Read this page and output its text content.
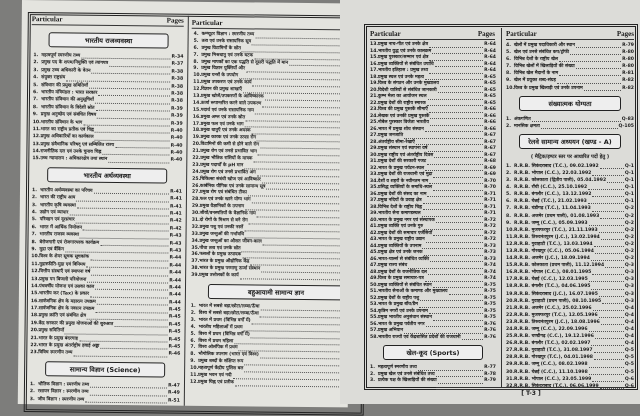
Particular	Pages Particular
भारतीय राजव्यवस्था
1. महत्वपूर्ण स्मरणीय तथ्य	R-34
2. प्रमुख पद के शपथ/नियुक्ति एवं त्यागपत्र	R-37
3. प्रमुख उच्च अधिकारी के वेतन	R-38
4. संयुक्त राष्ट्रसंघ	R-38
5. संविधान की प्रमुख समितियाँ	R-38
6. भारतीय मंत्रिमंडल : भारत सरकार	R-38
7. भारतीय संविधान की अनुसूचियाँ	R-38
8. भारतीय संविधान के विदेशी स्रोत	R-39
9. प्रमुख अनुच्छेद एवं संबंधित विषय	R-39
10. भारतीय संविधान के भाग	R-39
11. भारत का राष्ट्रीय प्रतीक एवं चिह्न	R-40
12. प्रमुख अधिकारियों का कार्यकाल	R-40
13. प्रमुख संवैधानिक परिषद् एवं सम्मिलित राज्य	R-40
14. राजनीतिक दल एवं उनके चुनाव चिह्न	R-40
15. उच्च न्यायालय : अधिकारक्षेत्र तथा स्थान	R-40
भारतीय अर्थव्यवस्था
1. भारतीय अर्थव्यवस्था का परिचय	R-41
2. भारत की राष्ट्रीय आय	R-41
3. भारतीय कृषि व्यवस्था	R-41
4. उद्योग एवं व्यापार	R-41
5. परिवहन एवं दूरसंचार	R-42
6. भारत में आर्थिक नियोजन	R-42
7. भारतीय राजस्व व्यवस्था	R-43
8. बेरोजगारी एवं रोजगारपरक कार्यक्रम	R-43
9. मुद्रा एवं बैंकिंग	R-43
10. विश्व के शेयर सूचक सूचकांक	R-44
11. मुद्रास्फीति-मुद्रा एवं विनिमय	R-44
12. वित्तीय संस्थाएँ एवं स्थापना वर्ष	R-44
13. प्रमुख पन बिजली परियोजना	R-44
14. पंचवर्षीय योजना एवं उसका काल	R-44
15. भारतीय कर (Tax) के प्रकार	R-44
16. सार्वजनिक क्षेत्र के महारत्न उपक्रम	R-44
17. सार्वजनिक क्षेत्र के नवरत्न उपक्रम	R-45
18. प्रमुख क्रांति एवं संबंधित क्षेत्र	R-45
19. केंद्र सरकार की प्रमुख योजनाओं की शुरुआत	R-45
20. प्रमुख समितियाँ	R-45
21. भारत के प्रमुख बंदरगाह	R-45
22. भारत के प्रमुख अंतर्राष्ट्रीय हवाई अड्डा	R-45
23. विविध स्मरणीय तथ्य	R-46
सामान्य विज्ञान (Science)
1. भौतिक विज्ञान : स्मरणीय तथ्य	R-47
2. रसायन विज्ञान : स्मरणीय तथ्य	R-49
3. जीव विज्ञान : स्मरणीय तथ्य	R-51
4. कम्प्यूटर विज्ञान : स्मरणीय तथ्य
5. तत्व एवं उनके रासायनिक सूत्र
6. प्रमुख विटामिनों के स्रोत
7. प्रमुख मिश्रधातु एवं उनके घटक
8. प्रमुख मापकों का एक पद्धति से दूसरी पद्धति में मान
9. प्रमुख विज्ञान युक्तियाँ और
10. प्रमुख यन्त्रों के उपयोग
11. प्रमुख उपकरण एवं उनके कार्य
12. विज्ञान की प्रमुख शाखाएँ
13. प्रमुख खोजें/उपकरणों के आविष्कारक
14. ऊर्जा रूपान्तरित करने वाले उपकरण
15. पदार्थ एवं उनके रासायनिक नाम
16. प्रमुख अम्ल एवं उनके स्रोत
17. प्रमुख फल एवं उनके भाग
18. प्रमुख धातुएँ एवं उनके अयस्क
19. प्रमुख कारक एवं उनके उत्पन्न रोग
20. विटामिनों की कमी से होने वाले रोग
21. प्रमुख रोग एवं उनसे प्रभावित भाग
22. प्रमुख भौतिक राशियों के मात्रक
23. प्रमुख पदार्थों के pH मान
24. प्रमुख रोग एवं उनसे प्रभावित अंग
25. चिकित्सा संबंधी खोज एवं आविष्कार
26. कार्बनिक यौगिक एवं उनके सामान्य सूत्र
27. प्रमुख रोग एवं संबंधित टीका
28. फल एवं उनके खाने योग्य भाग
29. प्रमुख वैज्ञानिकों के उपनाम
30. जीवों/वनस्पतियों के वैज्ञानिक नाम
31. दो रोगों के मिश्रण से बने रोग
32. प्रमुख पशु एवं उनकी नस्लें
33. प्रमुख जन्तुओं की गर्भावधि
34. प्रमुख जन्तुओं का औसत जीवन-काल
35. पौधा तत्व एवं उनके स्रोत
36. फसलों के प्रमुख उत्पादक
37. भारत के प्रमुख औद्योगिक केंद्र
38. भारत के प्रमुख परमाणु ऊर्जा संस्थान
39. प्रमुख उत्तोलकों के कार्य
बहुआयामी सामान्य ज्ञान
1. भारत में सबसे बड़ा/छोटा/लम्बा/ऊँचा
2. विश्व में सबसे बड़ा/छोटा/लम्बा/ऊँचा
3. भारत में प्रथम (विभिन्न वर्गों में)
4. भारतीय महिलाओं में प्रथम
5. विश्व में प्रथम (विभिन्न वर्गों में)
6. विश्व में प्रथम महिला
7. विश्व ओलंपिक में प्रथम
8. भौगोलिक उपनाम (भारत एवं विश्व)
9. प्रमुख शब्दों के संक्षिप्त रूप
10. महत्वपूर्ण केंद्रीय पुलिस बल
11. प्रमुख भवन एवं नदी
12. प्रमुख चिह्न एवं प्रतीक
Particular	Pages Particular	Pages
13. प्रमुख नाच-गीत एवं उनके क्षेत्र	R-64
14. भारतीय युद्ध एवं उनके कालक्रम	R-64
15. प्रमुख पुरस्कार/सम्मान एवं क्षेत्र	R-64
16. प्रमुख व्यक्तियों से संबंधित उपाधि	R-64
17. भारतीय इतिहास : प्रमुख तथ्य	R-64
18. प्रमुख स्थल एवं उनके महत्व	R-65
19. विश्व के संगठन और उनके मुख्यालय	R-65
20. विदेशी यात्रियों से संबंधित जानकारी	R-65
21. कुम्भ मेला का आयोजन स्थल	R-65
22. प्रमुख देशों की राष्ट्रीय स्मारक	R-65
23. विश्व की प्रमुख पुस्तकें सीमाएँ	R-66
24. लेखक एवं उनकी प्रमुख पुस्तकें	R-66
25. नोबेल पुरस्कार विजेता भारतीय	R-66
26. भारत में प्रमुख शोध संस्थान	R-66
27. प्रमुख जनजाति	R-67
28. अंतर्राष्ट्रीय सीमा-रेखाएँ	R-67
29. प्रमुख संस्थान एवं स्थापना वर्ष	R-67
30. प्रमुख राष्ट्रीय एवं अंतर्राष्ट्रीय दिवस	R-67
31. प्रमुख देशों की सरकारी गजट	R-68
32. भारत के प्रमुख पर्यटन-स्थल	R-69
33. प्रमुख देशों की राजधानी एवं मुद्रा	R-69
34. देशों व शहरों के नवीनतम नाम	R-70
35. प्रसिद्ध व्यक्तियों के समाधि-स्थल	R-70
36. प्रमुख देशों की संसद का नाम	R-71
37. प्रमुख नदियों के प्रवाह क्षेत्र	R-71
38. विभिन्न देशों के राष्ट्रीय चिह्न	R-71
39. भारतीय सेना कमाण्डस्थल	R-71
40. भारत के प्रमुख नगर एवं संस्थापक	R-72
41. प्रमुख व्यक्ति एवं उनके गुरु	R-72
42. प्रमुख देशों की समाचार एजेंसियाँ	R-72
43. भारत के प्रमुख राष्ट्रीय उद्यान	R-72
44. प्रमुख व्यक्तियों के उपनाम	R-73
45. प्रमुख क्षेत्र एवं उनके जनक	R-73
46. भारत-चार्ल्स से संबंधित व्यक्ति	R-73
47. प्रमुख राज्य संबंध	R-74
48. प्रमुख देशों के राजनीतिक दल	R-74
49. विश्व के प्रमुख समाचार-पत्र	R-74
50. प्रमुख व्यक्तियों से संबंधित स्थान	R-75
51. भारतीय सेनाओं के कमाण्ड और मुख्यालय	R-75
52. प्रमुख देशों के राष्ट्रीय पशु	R-75
53. भारत के प्रमुख बाँध/डैम	R-75
54. कृत्रिम नगरों एवं उनके उपनाम	R-75
55. प्रमुख भारतीय अनुसंधान संस्थान	R-75
56. भारत के प्रमुख पर्वतीय नगर	R-76
57. प्रमुख अभियान	R-76
58. भारतीय राज्यों एवं केंद्रशासित प्रदेशों की राजधानी	R-76
खेल-कूद (Sports)
1. महत्वपूर्ण स्मरणीय तथ्य	R-77
2. प्रमुख खेल एवं उनसे संबंधित तथ्य	R-78
3. प्रत्येक पक्ष के खिलाड़ियों की संख्या	R-79
4. खेलों में प्रमुख पदाधिकारी और स्थान	R-79
5. खेल एवं उनसे संबंधित कप/ट्रॉफी	R-80
6. विभिन्न देशों के राष्ट्रीय खेल	R-80
7. विभिन्न खेलों में खिलाड़ियों की संख्या	R-80
8. विभिन्न खेल मैदानों के नाम	R-81
9. खेल में प्रयुक्त शब्द-संग्रह	R-82
10. विश्व के प्रमुख खिलाड़ी एवं उनके उपनाम	R-82
संख्यात्मक योग्यता
1. अंकगणित	Q-83
2. मानसिक क्षमता	Q-105
रेलवे सामान्य अध्ययन (खण्ड - A)
( मैट्रिक/इण्टर स्तर पर आधारित पदों हेतु )
1. R.R.B. सिकंदराबाद (T.C.), 09.02.1992	Q-1
2. R.R.B. भोपाल (C.C.), 22.03.1992	Q-1
3. R.R.B. कोलकाता (द्वितीय पाली), 05.04.1992	Q-1
4. R.R.B. राँची (C.C.), 25.10.1992	Q-1
5. R.R.B. बंगलौर (C.C.), 13.12.1992	Q-1
6. R.R.B. चेन्नई (T.C.), 21.02.1993	Q-1
7. R.R.B. चंडीगढ़ (T.C.), 11.04.1993	Q-2
8. R.R.B. अजमेर (प्रथम पाली), 01.08.1993	Q-2
9. R.R.B. जम्मू (C.C.), 05.09.1993	Q-2
10. R.R.B. मुजफ्फरपुर (T.C.), 21.11.1993	Q-2
11. R.R.B. तिरुवनंतपुरम (J.C.), 13.02.1994	Q-2
12. R.R.B. गुवाहाटी (T.C.), 13.03.1994	Q-2
13. R.R.B. गोरखपुर (C.C.), 05.06.1994	Q-2
14. R.R.B. अजमेर (J.C.), 18.09.1994	Q-2
15. R.R.B. कोलकाता (प्रथम पाली), 11.12.1994	Q-3
16. R.R.B. भोपाल (C.C.), 08.01.1995	Q-3
17. R.R.B. चेन्नई (C.C.), 12.03.1995	Q-3
18. R.R.B. बंगलौर (T.C.), 04.06.1995	Q-3
19. R.R.B. सिकंदराबाद (J.C.), 16.07.1995	Q-3
20. R.R.B. गुवाहाटी (प्रथम पाली), 08.10.1995	Q-3
21. R.R.B. अजमेर (C.C.), 25.02.1996	Q-4
22. R.R.B. मुजफ्फरपुर (T.C.), 12.05.1996	Q-4
23. R.R.B. तिरुवनंतपुरम (J.C.), 18.08.1996	Q-4
24. R.R.B. जम्मू (C.C.), 22.09.1996	Q-4
25. R.R.B. चण्डीगढ़ (C.C.), 19.12.1996	Q-4
26. R.R.B. बंगलौर (T.C.), 02.02.1997	Q-4
27. R.R.B. गुवाहाटी (T.C.), 31.08.1997	Q-5
28. R.R.B. गोरखपुर (T.C.), 04.01.1998	Q-5
29. R.R.B. जम्मू (C.C.), 08.02.1998	Q-5
30. R.R.B. चेन्नई (C.C.), 11.10.1998	Q-5
31. R.R.B. भोपाल (C.C.), 23.05.1999	Q-6
32. R.R.B. सिकंदराबाद (T.C.), 06.06.1999	Q-6
[ T-3 ]
